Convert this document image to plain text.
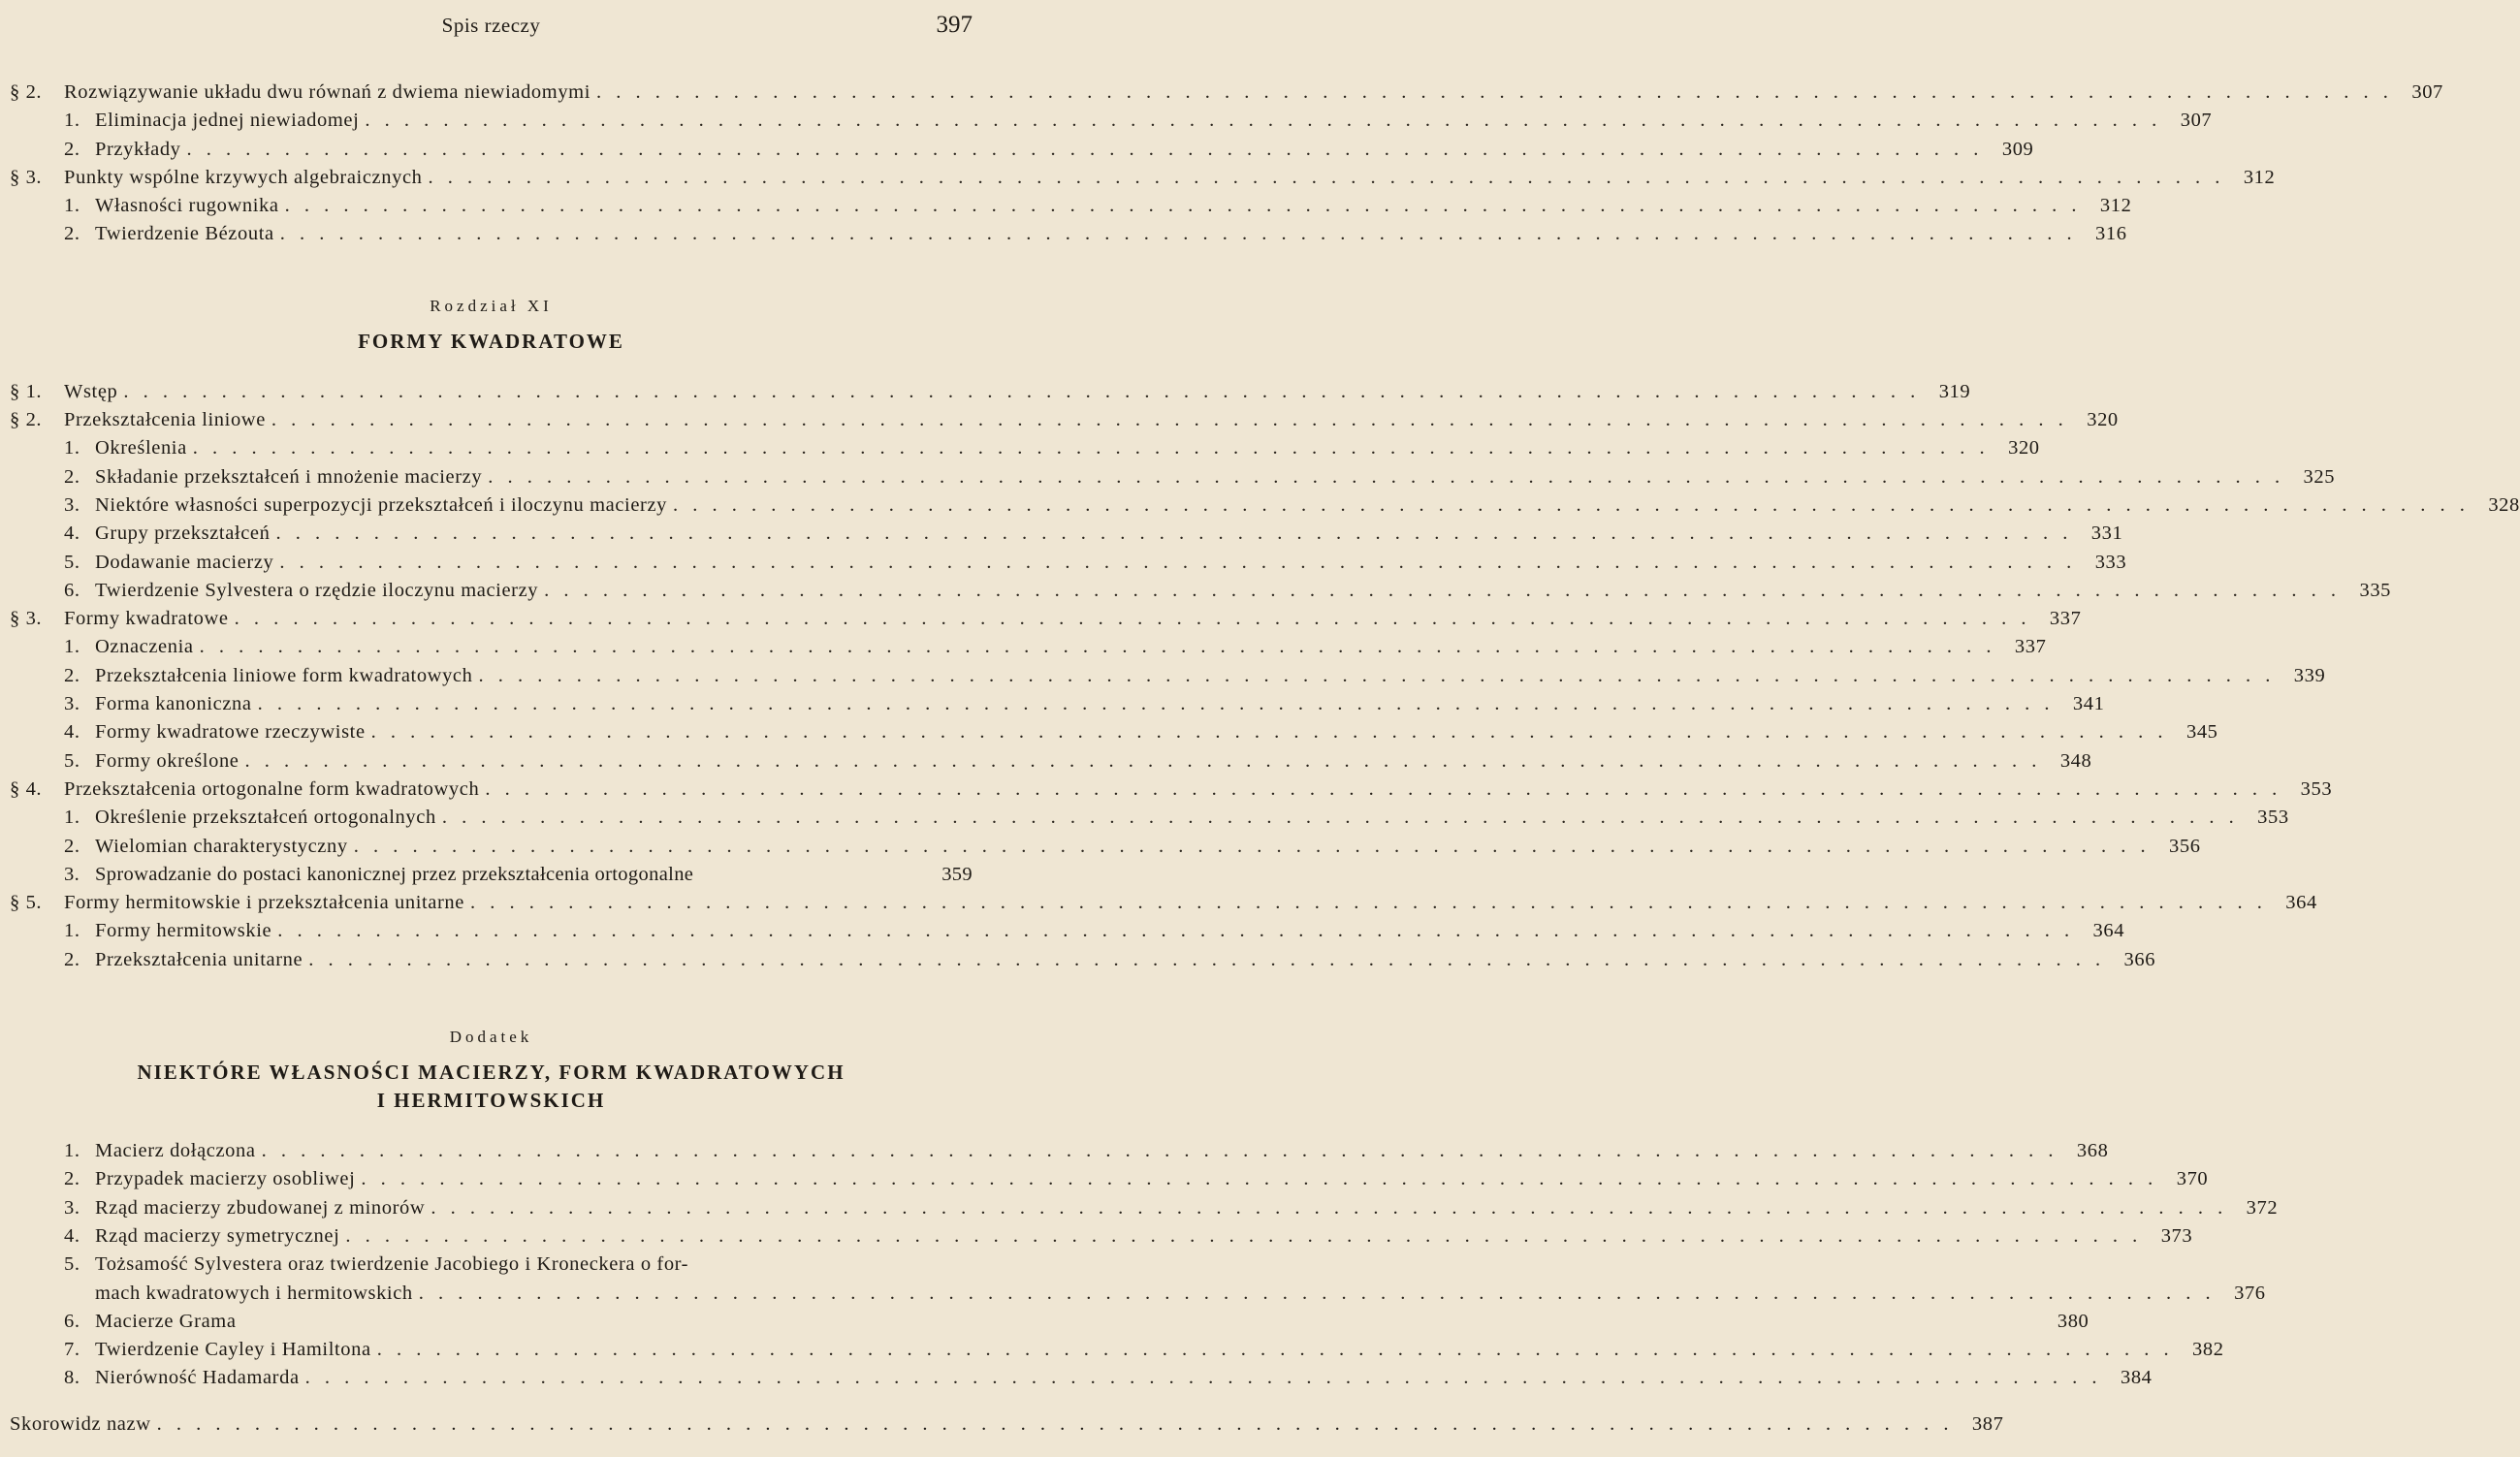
Spis rzeczy	397
§ 2.	Rozwiązywanie układu dwu równań z dwiema niewiadomymi . . .	307
1. Eliminacja jednej niewiadomej . . .	307
2. Przykłady . . .	309
§ 3.	Punkty wspólne krzywych algebraicznych . . .	312
1. Własności rugownika . . .	312
2. Twierdzenie Bézouta . . .	316
Rozdział XI
FORMY KWADRATOWE
§ 1.	Wstęp . . .	319
§ 2.	Przekształcenia liniowe . . .	320
1. Określenia . . .	320
2. Składanie przekształceń i mnożenie macierzy . . .	325
3. Niektóre własności superpozycji przekształceń i iloczynu macierzy . . .	328
4. Grupy przekształceń . . .	331
5. Dodawanie macierzy . . .	333
6. Twierdzenie Sylvestera o rzędzie iloczynu macierzy . . .	335
§ 3.	Formy kwadratowe . . .	337
1. Oznaczenia . . .	337
2. Przekształcenia liniowe form kwadratowych . . .	339
3. Forma kanoniczna . . .	341
4. Formy kwadratowe rzeczywiste . . .	345
5. Formy określone . . .	348
§ 4.	Przekształcenia ortogonalne form kwadratowych . . .	353
1. Określenie przekształceń ortogonalnych . . .	353
2. Wielomian charakterystyczny . . .	356
3. Sprowadzanie do postaci kanonicznej przez przekształcenia ortogonalne	359
§ 5.	Formy hermitowskie i przekształcenia unitarne . . .	364
1. Formy hermitowskie . . .	364
2. Przekształcenia unitarne . . .	366
Dodatek
NIEKTÓRE WŁASNOŚCI MACIERZY, FORM KWADRATOWYCH
I HERMITOWSKICH
1. Macierz dołączona . . .	368
2. Przypadek macierzy osobliwej . . .	370
3. Rząd macierzy zbudowanej z minorów . . .	372
4. Rząd macierzy symetrycznej . . .	373
5. Tożsamość Sylvestera oraz twierdzenie Jacobiego i Kroneckera o for-
mach kwadratowych i hermitowskich . . .	376
6. Macierze Grama	380
7. Twierdzenie Cayley i Hamiltona . . .	382
8. Nierówność Hadamarda . . .	384
Skorowidz nazw . . .	387
